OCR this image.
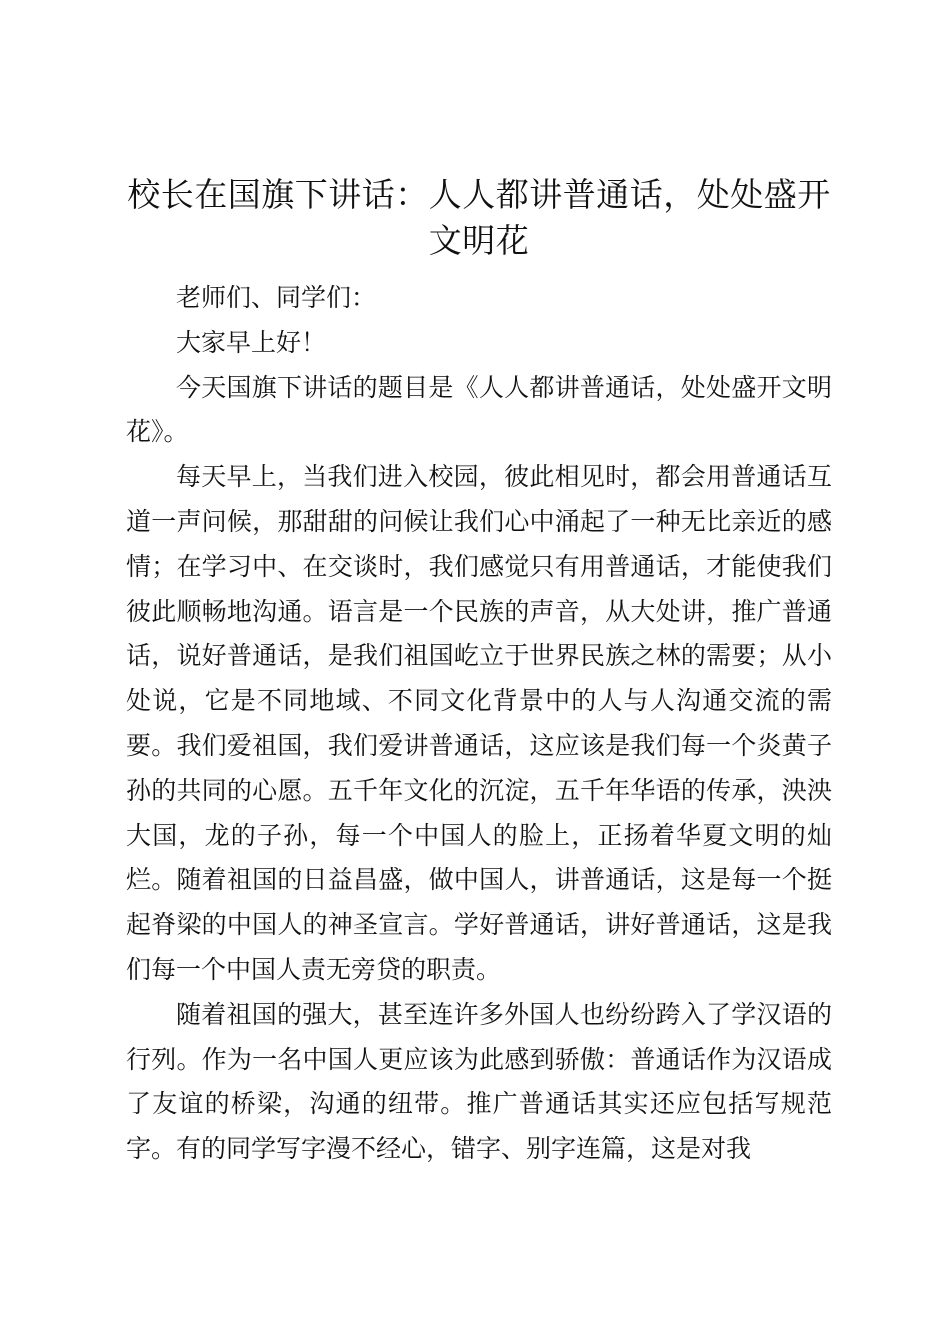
校长在国旗下讲话：人人都讲普通话，处处盛开文明花

老师们、同学们：

大家早上好！

今天国旗下讲话的题目是《人人都讲普通话，处处盛开文明花》。

每天早上，当我们进入校园，彼此相见时，都会用普通话互道一声问候，那甜甜的问候让我们心中涌起了一种无比亲近的感情；在学习中、在交谈时，我们感觉只有用普通话，才能使我们彼此顺畅地沟通。语言是一个民族的声音，从大处讲，推广普通话，说好普通话，是我们祖国屹立于世界民族之林的需要；从小处说，它是不同地域、不同文化背景中的人与人沟通交流的需要。我们爱祖国，我们爱讲普通话，这应该是我们每一个炎黄子孙的共同的心愿。五千年文化的沉淀，五千年华语的传承，泱泱大国，龙的子孙，每一个中国人的脸上，正扬着华夏文明的灿烂。随着祖国的日益昌盛，做中国人，讲普通话，这是每一个挺起脊梁的中国人的神圣宣言。学好普通话，讲好普通话，这是我们每一个中国人责无旁贷的职责。

随着祖国的强大，甚至连许多外国人也纷纷跨入了学汉语的行列。作为一名中国人更应该为此感到骄傲：普通话作为汉语成了友谊的桥梁，沟通的纽带。推广普通话其实还应包括写规范字。有的同学写字漫不经心，错字、别字连篇，这是对我
